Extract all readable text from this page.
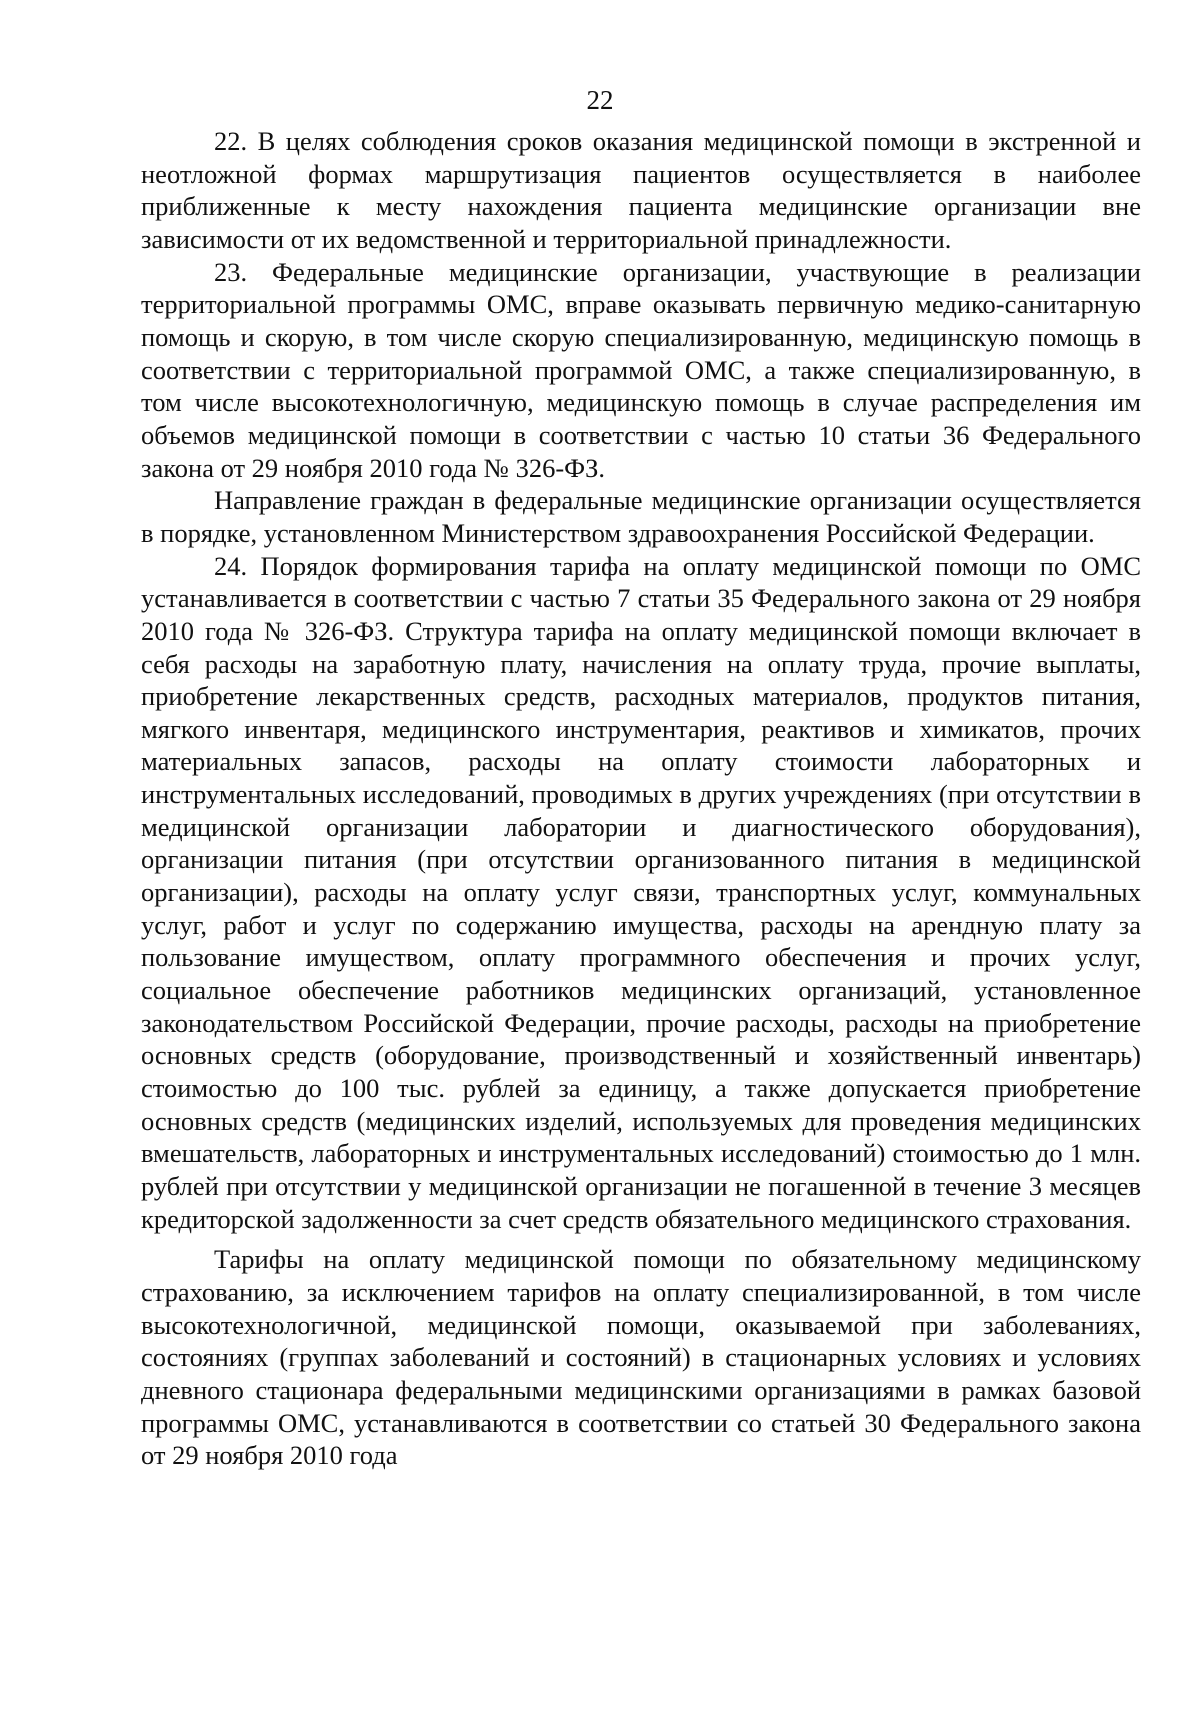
22

22. В целях соблюдения сроков оказания медицинской помощи в экстренной и неотложной формах маршрутизация пациентов осуществляется в наиболее приближенные к месту нахождения пациента медицинские организации вне зависимости от их ведомственной и территориальной принадлежности.

23. Федеральные медицинские организации, участвующие в реализации территориальной программы ОМС, вправе оказывать первичную медико-санитарную помощь и скорую, в том числе скорую специализированную, медицинскую помощь в соответствии с территориальной программой ОМС, а также специализированную, в том числе высокотехнологичную, медицинскую помощь в случае распределения им объемов медицинской помощи в соответствии с частью 10 статьи 36 Федерального закона от 29 ноября 2010 года № 326-ФЗ.

Направление граждан в федеральные медицинские организации осуществляется в порядке, установленном Министерством здравоохранения Российской Федерации.

24. Порядок формирования тарифа на оплату медицинской помощи по ОМС устанавливается в соответствии с частью 7 статьи 35 Федерального закона от 29 ноября 2010 года № 326-ФЗ. Структура тарифа на оплату медицинской помощи включает в себя расходы на заработную плату, начисления на оплату труда, прочие выплаты, приобретение лекарственных средств, расходных материалов, продуктов питания, мягкого инвентаря, медицинского инструментария, реактивов и химикатов, прочих материальных запасов, расходы на оплату стоимости лабораторных и инструментальных исследований, проводимых в других учреждениях (при отсутствии в медицинской организации лаборатории и диагностического оборудования), организации питания (при отсутствии организованного питания в медицинской организации), расходы на оплату услуг связи, транспортных услуг, коммунальных услуг, работ и услуг по содержанию имущества, расходы на арендную плату за пользование имуществом, оплату программного обеспечения и прочих услуг, социальное обеспечение работников медицинских организаций, установленное законодательством Российской Федерации, прочие расходы, расходы на приобретение основных средств (оборудование, производственный и хозяйственный инвентарь) стоимостью до 100 тыс. рублей за единицу, а также допускается приобретение основных средств (медицинских изделий, используемых для проведения медицинских вмешательств, лабораторных и инструментальных исследований) стоимостью до 1 млн. рублей при отсутствии у медицинской организации не погашенной в течение 3 месяцев кредиторской задолженности за счет средств обязательного медицинского страхования.

Тарифы на оплату медицинской помощи по обязательному медицинскому страхованию, за исключением тарифов на оплату специализированной, в том числе высокотехнологичной, медицинской помощи, оказываемой при заболеваниях, состояниях (группах заболеваний и состояний) в стационарных условиях и условиях дневного стационара федеральными медицинскими организациями в рамках базовой программы ОМС, устанавливаются в соответствии со статьей 30 Федерального закона от 29 ноября 2010 года
